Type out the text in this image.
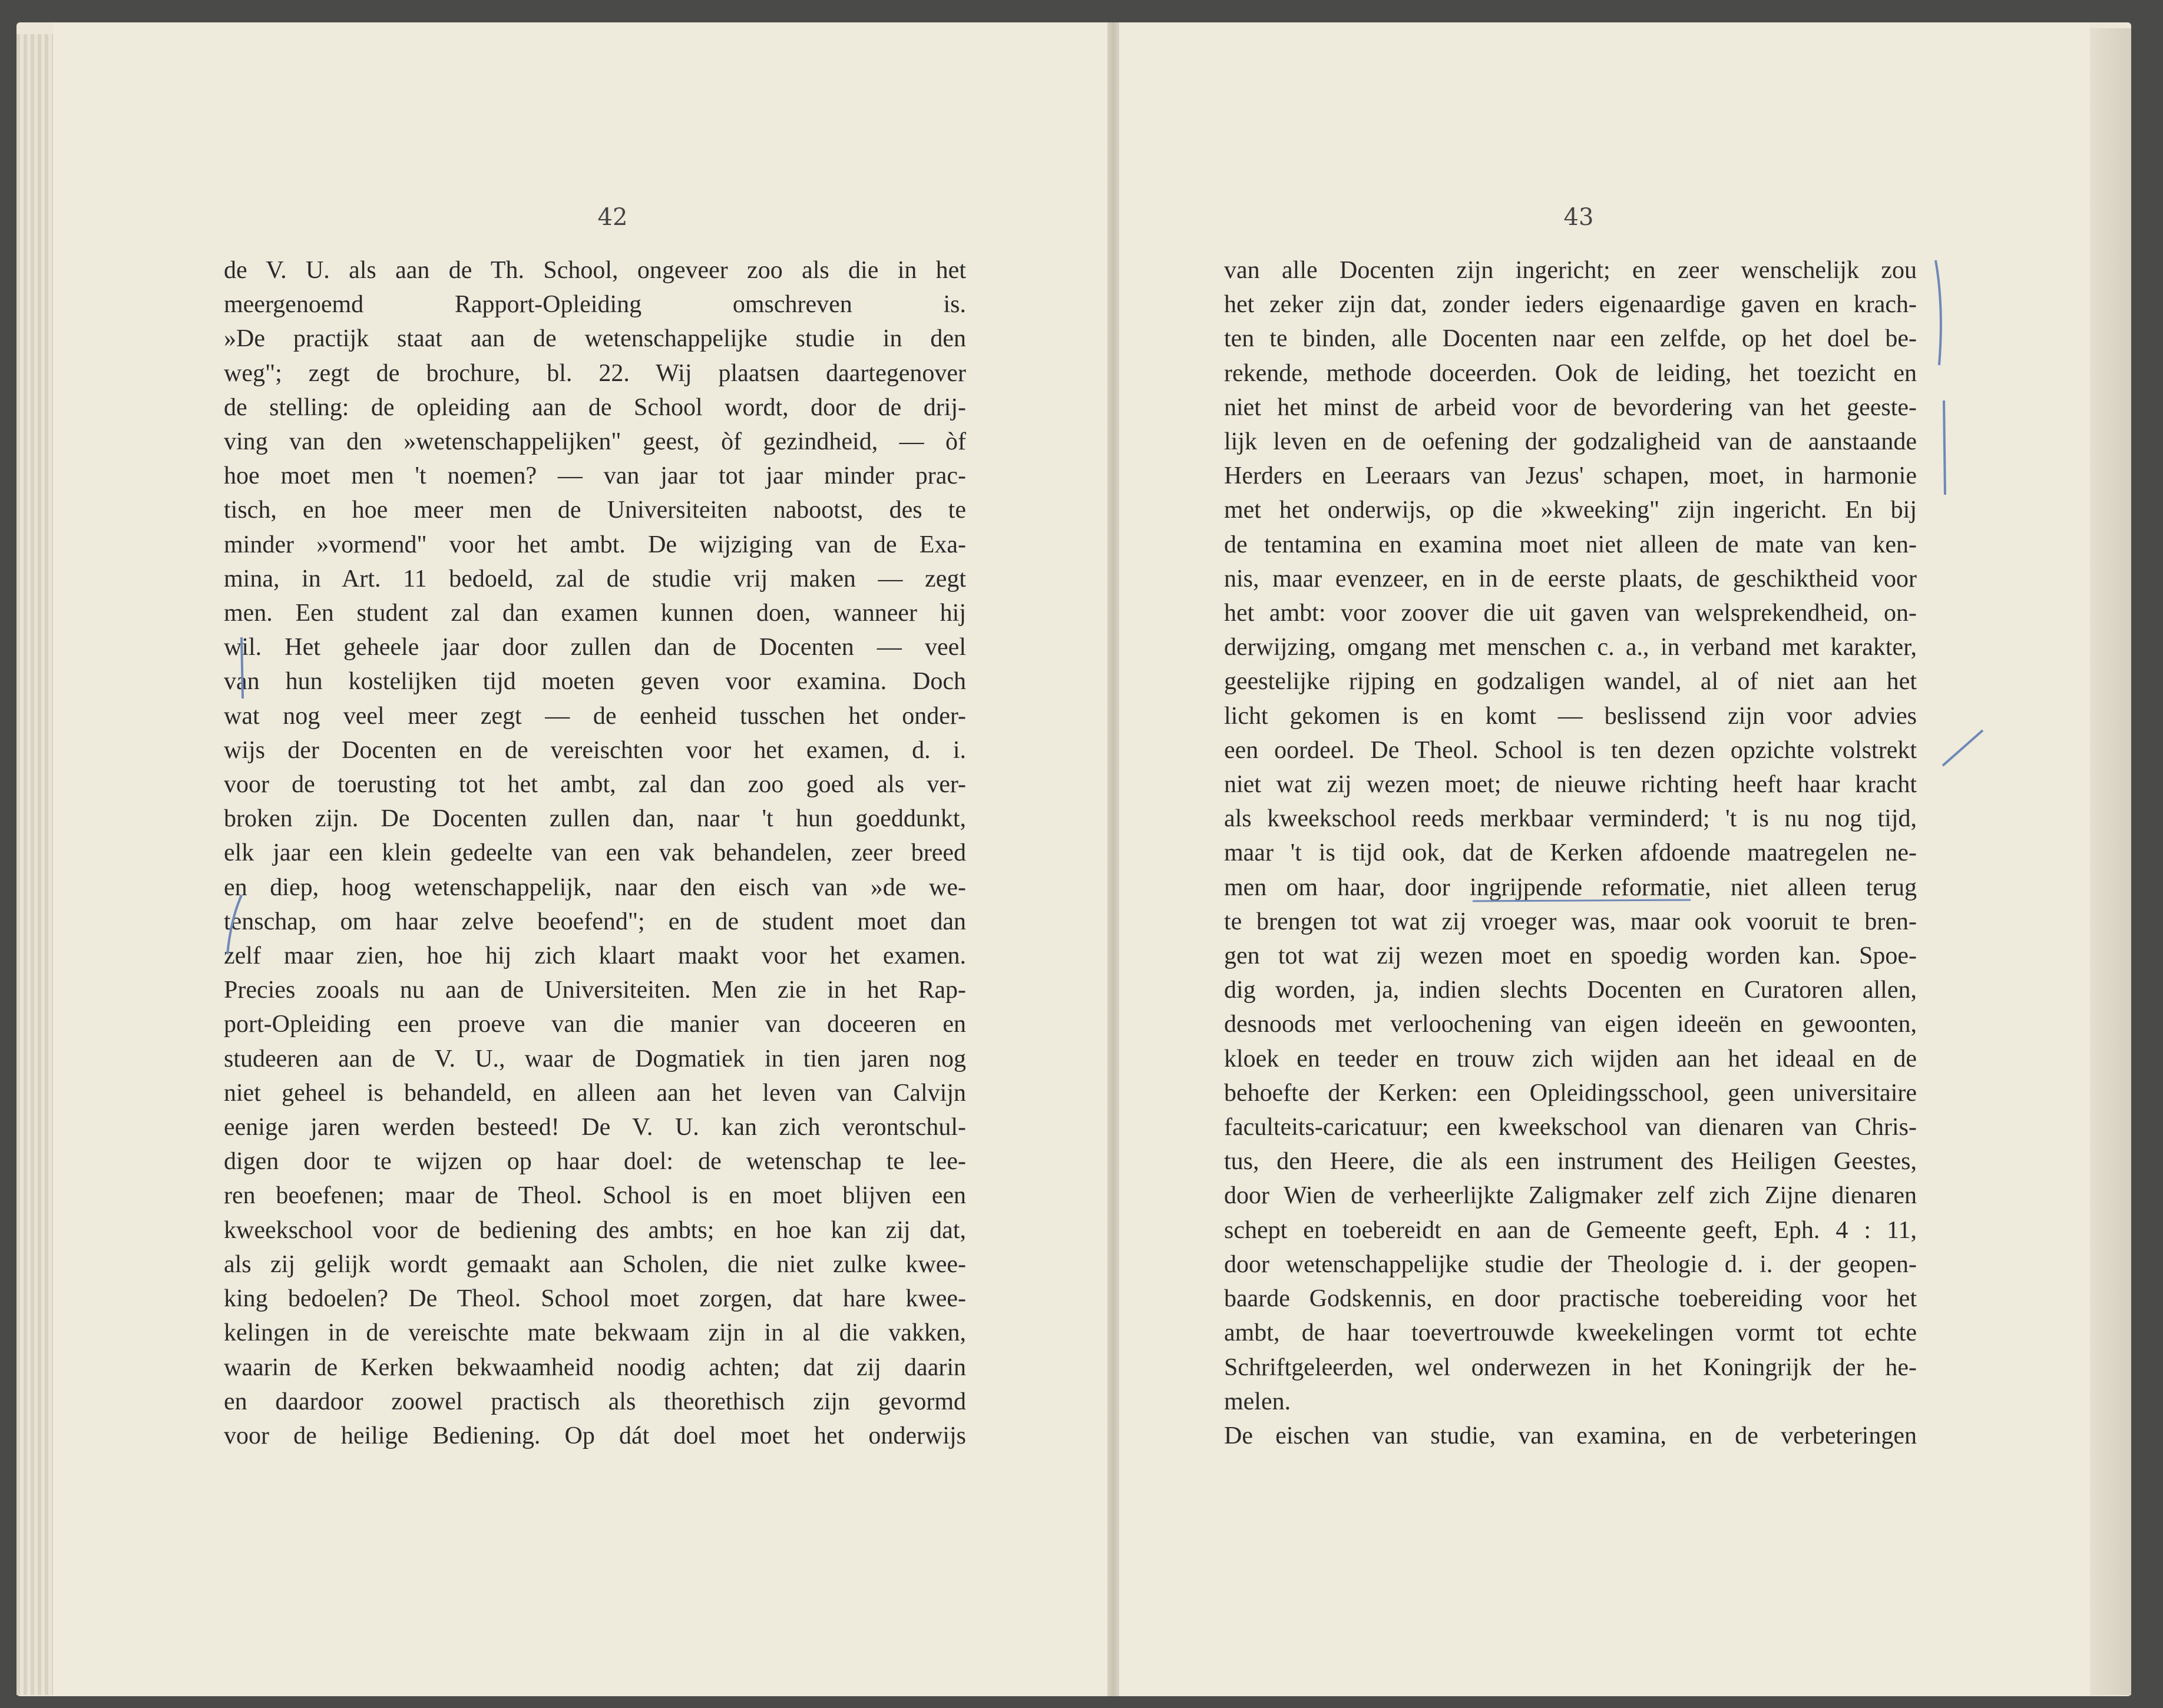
42	43

de V. U. als aan de Th. School, ongeveer zoo als die in het

meergenoemd Rapport-Opleiding omschreven is.

»De practijk staat aan de wetenschappelijke studie in den

weg"; zegt de brochure, bl. 22. Wij plaatsen daartegenover

de stelling: de opleiding aan de School wordt, door de drij-

ving van den »wetenschappelijken" geest, òf gezindheid, — òf

hoe moet men 't noemen? — van jaar tot jaar minder prac-

tisch, en hoe meer men de Universiteiten nabootst, des te

minder »vormend" voor het ambt. De wijziging van de Exa-

mina, in Art. 11 bedoeld, zal de studie vrij maken — zegt

men. Een student zal dan examen kunnen doen, wanneer hij

wil. Het geheele jaar door zullen dan de Docenten — veel

van hun kostelijken tijd moeten geven voor examina. Doch

wat nog veel meer zegt — de eenheid tusschen het onder-

wijs der Docenten en de vereischten voor het examen, d. i.

voor de toerusting tot het ambt, zal dan zoo goed als ver-

broken zijn. De Docenten zullen dan, naar 't hun goeddunkt,

elk jaar een klein gedeelte van een vak behandelen, zeer breed

en diep, hoog wetenschappelijk, naar den eisch van »de we-

tenschap, om haar zelve beoefend"; en de student moet dan

zelf maar zien, hoe hij zich klaart maakt voor het examen.

Precies zooals nu aan de Universiteiten. Men zie in het Rap-

port-Opleiding een proeve van die manier van doceeren en

studeeren aan de V. U., waar de Dogmatiek in tien jaren nog

niet geheel is behandeld, en alleen aan het leven van Calvijn

eenige jaren werden besteed! De V. U. kan zich verontschul-

digen door te wijzen op haar doel: de wetenschap te lee-

ren beoefenen; maar de Theol. School is en moet blijven een

kweekschool voor de bediening des ambts; en hoe kan zij dat,

als zij gelijk wordt gemaakt aan Scholen, die niet zulke kwee-

king bedoelen? De Theol. School moet zorgen, dat hare kwee-

kelingen in de vereischte mate bekwaam zijn in al die vakken,

waarin de Kerken bekwaamheid noodig achten; dat zij daarin

en daardoor zoowel practisch als theorethisch zijn gevormd

voor de heilige Bediening. Op dát doel moet het onderwijs

van alle Docenten zijn ingericht; en zeer wenschelijk zou

het zeker zijn dat, zonder ieders eigenaardige gaven en krach-

ten te binden, alle Docenten naar een zelfde, op het doel be-

rekende, methode doceerden. Ook de leiding, het toezicht en

niet het minst de arbeid voor de bevordering van het geeste-

lijk leven en de oefening der godzaligheid van de aanstaande

Herders en Leeraars van Jezus' schapen, moet, in harmonie

met het onderwijs, op die »kweeking" zijn ingericht. En bij

de tentamina en examina moet niet alleen de mate van ken-

nis, maar evenzeer, en in de eerste plaats, de geschiktheid voor

het ambt: voor zoover die uit gaven van welsprekendheid, on-

derwijzing, omgang met menschen c. a., in verband met karakter,

geestelijke rijping en godzaligen wandel, al of niet aan het

licht gekomen is en komt — beslissend zijn voor advies

een oordeel. De Theol. School is ten dezen opzichte volstrekt

niet wat zij wezen moet; de nieuwe richting heeft haar kracht

als kweekschool reeds merkbaar verminderd; 't is nu nog tijd,

maar 't is tijd ook, dat de Kerken afdoende maatregelen ne-

men om haar, door ingrijpende reformatie, niet alleen terug

te brengen tot wat zij vroeger was, maar ook vooruit te bren-

gen tot wat zij wezen moet en spoedig worden kan. Spoe-

dig worden, ja, indien slechts Docenten en Curatoren allen,

desnoods met verloochening van eigen ideeën en gewoonten,

kloek en teeder en trouw zich wijden aan het ideaal en de

behoefte der Kerken: een Opleidingsschool, geen universitaire

faculteits-caricatuur; een kweekschool van dienaren van Chris-

tus, den Heere, die als een instrument des Heiligen Geestes,

door Wien de verheerlijkte Zaligmaker zelf zich Zijne dienaren

schept en toebereidt en aan de Gemeente geeft, Eph. 4 : 11,

door wetenschappelijke studie der Theologie d. i. der geopen-

baarde Godskennis, en door practische toebereiding voor het

ambt, de haar toevertrouwde kweekelingen vormt tot echte

Schriftgeleerden, wel onderwezen in het Koningrijk der he-

melen.

De eischen van studie, van examina, en de verbeteringen
